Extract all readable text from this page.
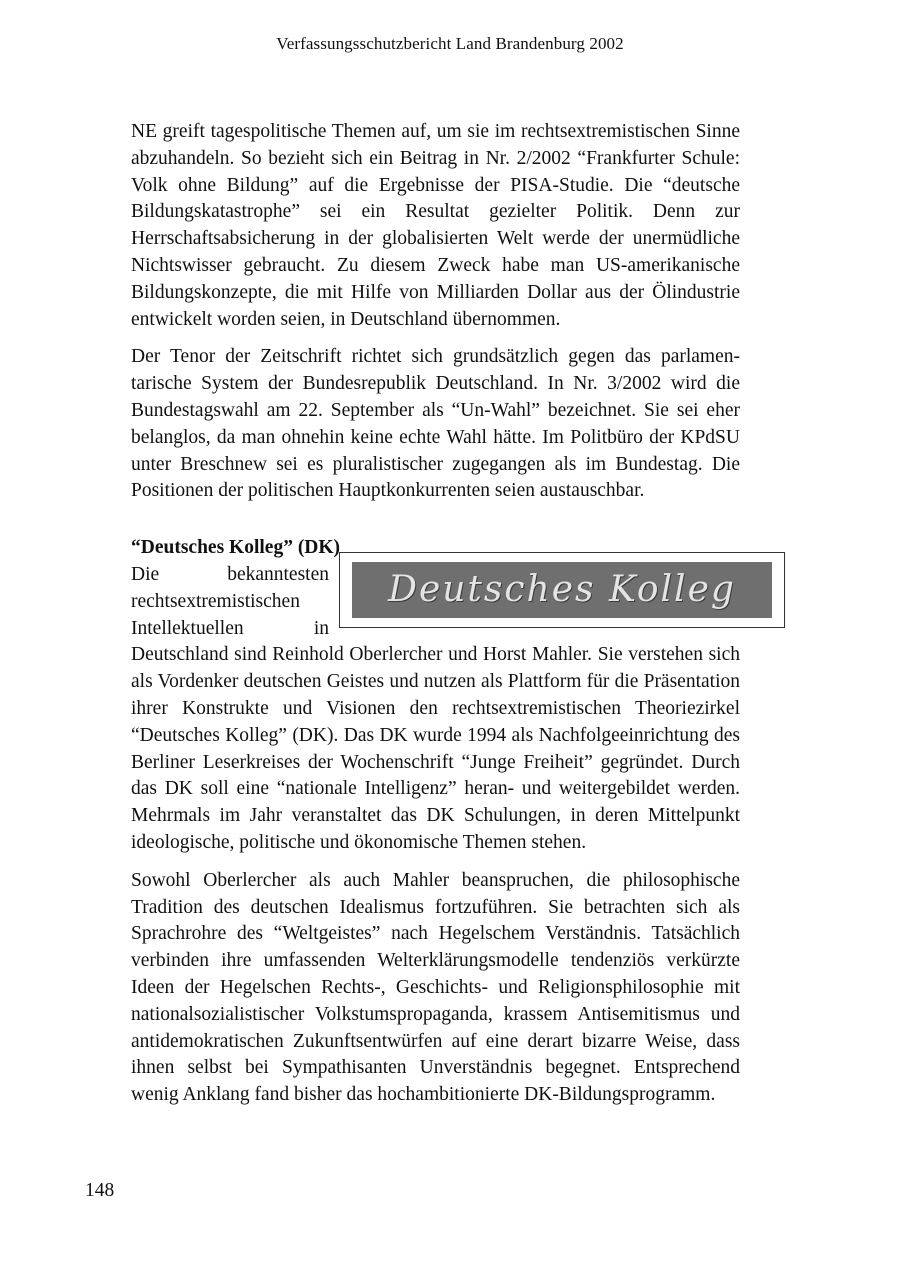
Verfassungsschutzbericht Land Brandenburg 2002

NE greift tagespolitische Themen auf, um sie im rechtsextremistischen Sinne abzuhandeln. So bezieht sich ein Beitrag in Nr. 2/2002 “Frankfurter Schule: Volk ohne Bildung” auf die Ergebnisse der PISA-Studie. Die “deutsche Bildungskatastrophe” sei ein Resultat gezielter Politik. Denn zur Herrschaftsabsicherung in der globalisierten Welt werde der unermüdliche Nichtswisser gebraucht. Zu diesem Zweck habe man US-amerikanische Bildungskonzepte, die mit Hilfe von Milliarden Dollar aus der Ölindustrie entwickelt worden seien, in Deutschland übernommen.

Der Tenor der Zeitschrift richtet sich grundsätzlich gegen das parlamentarische System der Bundesrepublik Deutschland. In Nr. 3/2002 wird die Bundestagswahl am 22. September als “Un-Wahl” bezeichnet. Sie sei eher belanglos, da man ohnehin keine echte Wahl hätte. Im Politbüro der KPdSU unter Breschnew sei es pluralistischer zugegangen als im Bundestag. Die Positionen der politischen Hauptkonkurrenten seien austauschbar.

“Deutsches Kolleg” (DK)

Deutsches Kolleg
Die bekanntesten rechtsextremistischen Intellektuellen in Deutschland sind Reinhold Oberlercher und Horst Mahler. Sie verstehen sich als Vordenker deutschen Geistes und nutzen als Plattform für die Präsentation ihrer Konstrukte und Visionen den rechtsextremistischen Theoriezirkel “Deutsches Kolleg” (DK). Das DK wurde 1994 als Nachfolgeeinrichtung des Berliner Leserkreises der Wochenschrift “Junge Freiheit” gegründet. Durch das DK soll eine “nationale Intelligenz” heran- und weitergebildet werden. Mehrmals im Jahr veranstaltet das DK Schulungen, in deren Mittelpunkt ideologische, politische und ökonomische Themen stehen.

Sowohl Oberlercher als auch Mahler beanspruchen, die philosophische Tradition des deutschen Idealismus fortzuführen. Sie betrachten sich als Sprachrohre des “Weltgeistes” nach Hegelschem Verständnis. Tatsächlich verbinden ihre umfassenden Welterklärungsmodelle tendenziös verkürzte Ideen der Hegelschen Rechts-, Geschichts- und Religionsphilosophie mit nationalsozialistischer Volkstumspropaganda, krassem Antisemitismus und antidemokratischen Zukunftsentwürfen auf eine derart bizarre Weise, dass ihnen selbst bei Sympathisanten Unverständnis begegnet. Entsprechend wenig Anklang fand bisher das hochambitionierte DK-Bildungsprogramm.

148
